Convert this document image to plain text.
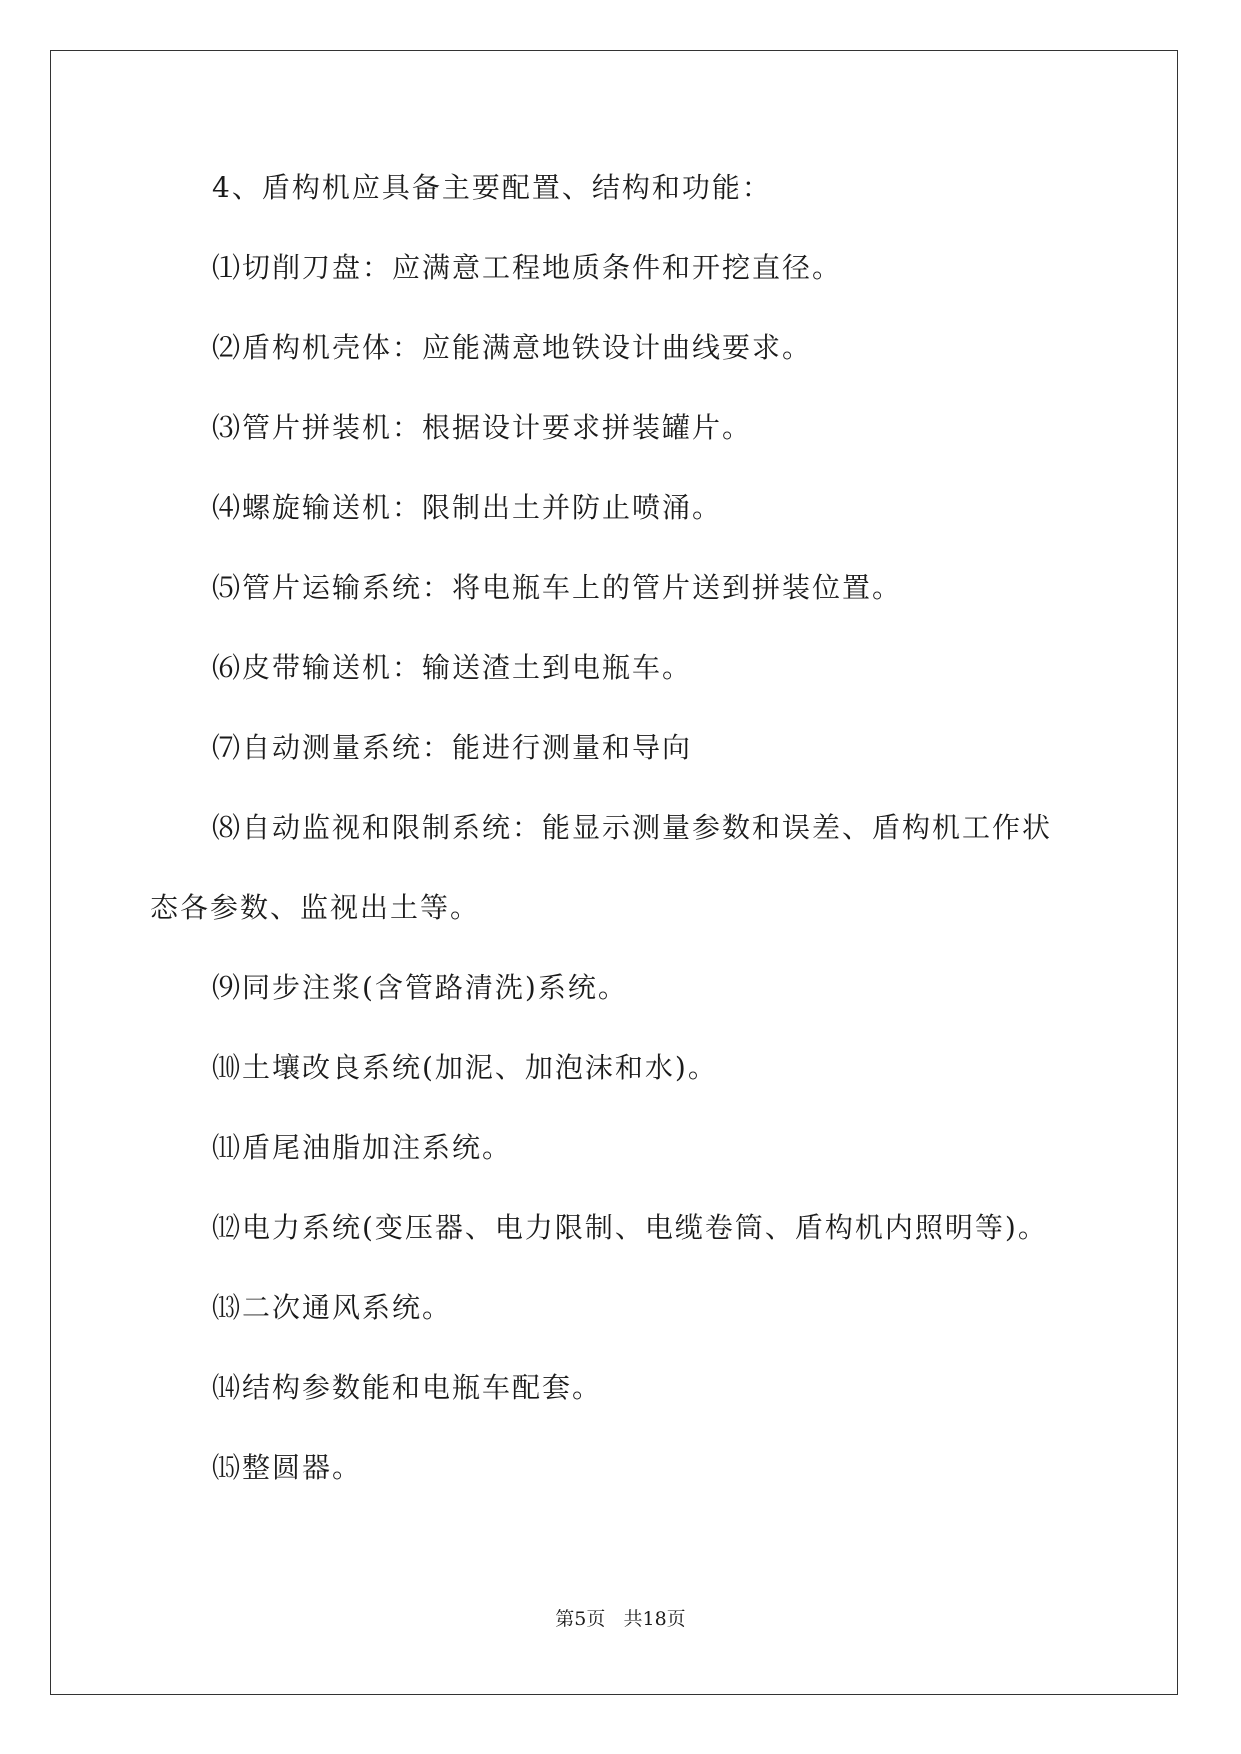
4、盾构机应具备主要配置、结构和功能：
⑴切削刀盘：应满意工程地质条件和开挖直径。
⑵盾构机壳体：应能满意地铁设计曲线要求。
⑶管片拼装机：根据设计要求拼装罐片。
⑷螺旋输送机：限制出土并防止喷涌。
⑸管片运输系统：将电瓶车上的管片送到拼装位置。
⑹皮带输送机：输送渣土到电瓶车。
⑺自动测量系统：能进行测量和导向
⑻自动监视和限制系统：能显示测量参数和误差、盾构机工作状
态各参数、监视出土等。
⑼同步注浆(含管路清洗)系统。
⑽土壤改良系统(加泥、加泡沫和水)。
⑾盾尾油脂加注系统。
⑿电力系统(变压器、电力限制、电缆卷筒、盾构机内照明等)。
⒀二次通风系统。
⒁结构参数能和电瓶车配套。
⒂整圆器。
第5页   共18页
